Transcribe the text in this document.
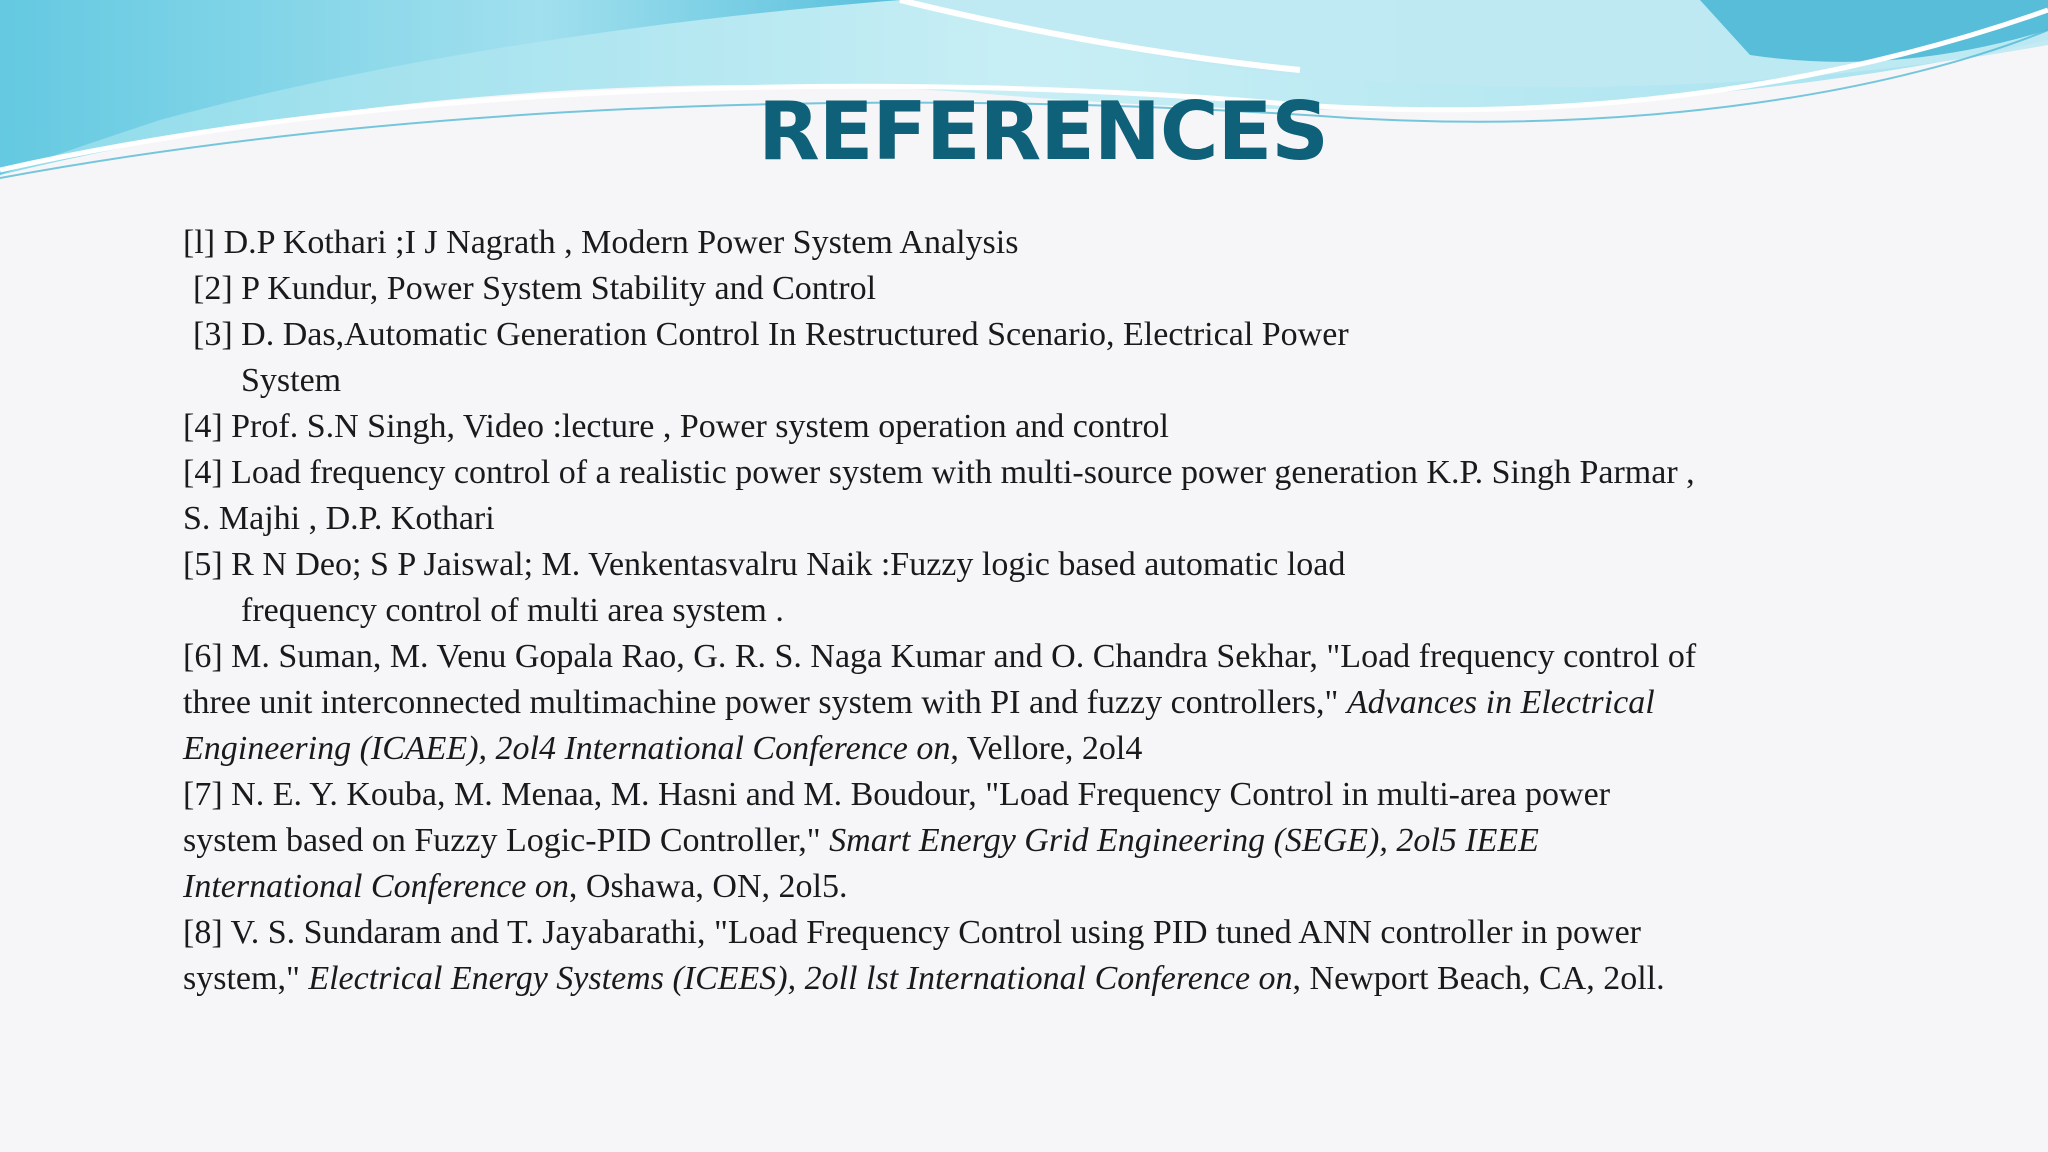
REFERENCES

[l] D.P Kothari ;I J Nagrath , Modern Power System Analysis

[2] P Kundur, Power System Stability and Control

[3] D. Das,Automatic Generation Control In Restructured Scenario, Electrical Power

System

[4] Prof. S.N Singh, Video :lecture , Power system operation and control

[4] Load frequency control of a realistic power system with multi-source power generation K.P. Singh Parmar ,

S. Majhi , D.P. Kothari

[5] R N Deo; S P Jaiswal; M. Venkentasvalru Naik :Fuzzy logic based automatic load

frequency control of multi area system .

[6] M. Suman, M. Venu Gopala Rao, G. R. S. Naga Kumar and O. Chandra Sekhar, "Load frequency control of

three unit interconnected multimachine power system with PI and fuzzy controllers," Advances in Electrical

Engineering (ICAEE), 2ol4 International Conference on, Vellore, 2ol4

[7] N. E. Y. Kouba, M. Menaa, M. Hasni and M. Boudour, "Load Frequency Control in multi-area power

system based on Fuzzy Logic-PID Controller," Smart Energy Grid Engineering (SEGE), 2ol5 IEEE

International Conference on, Oshawa, ON, 2ol5.

[8] V. S. Sundaram and T. Jayabarathi, "Load Frequency Control using PID tuned ANN controller in power

system," Electrical Energy Systems (ICEES), 2oll lst International Conference on, Newport Beach, CA, 2oll.
